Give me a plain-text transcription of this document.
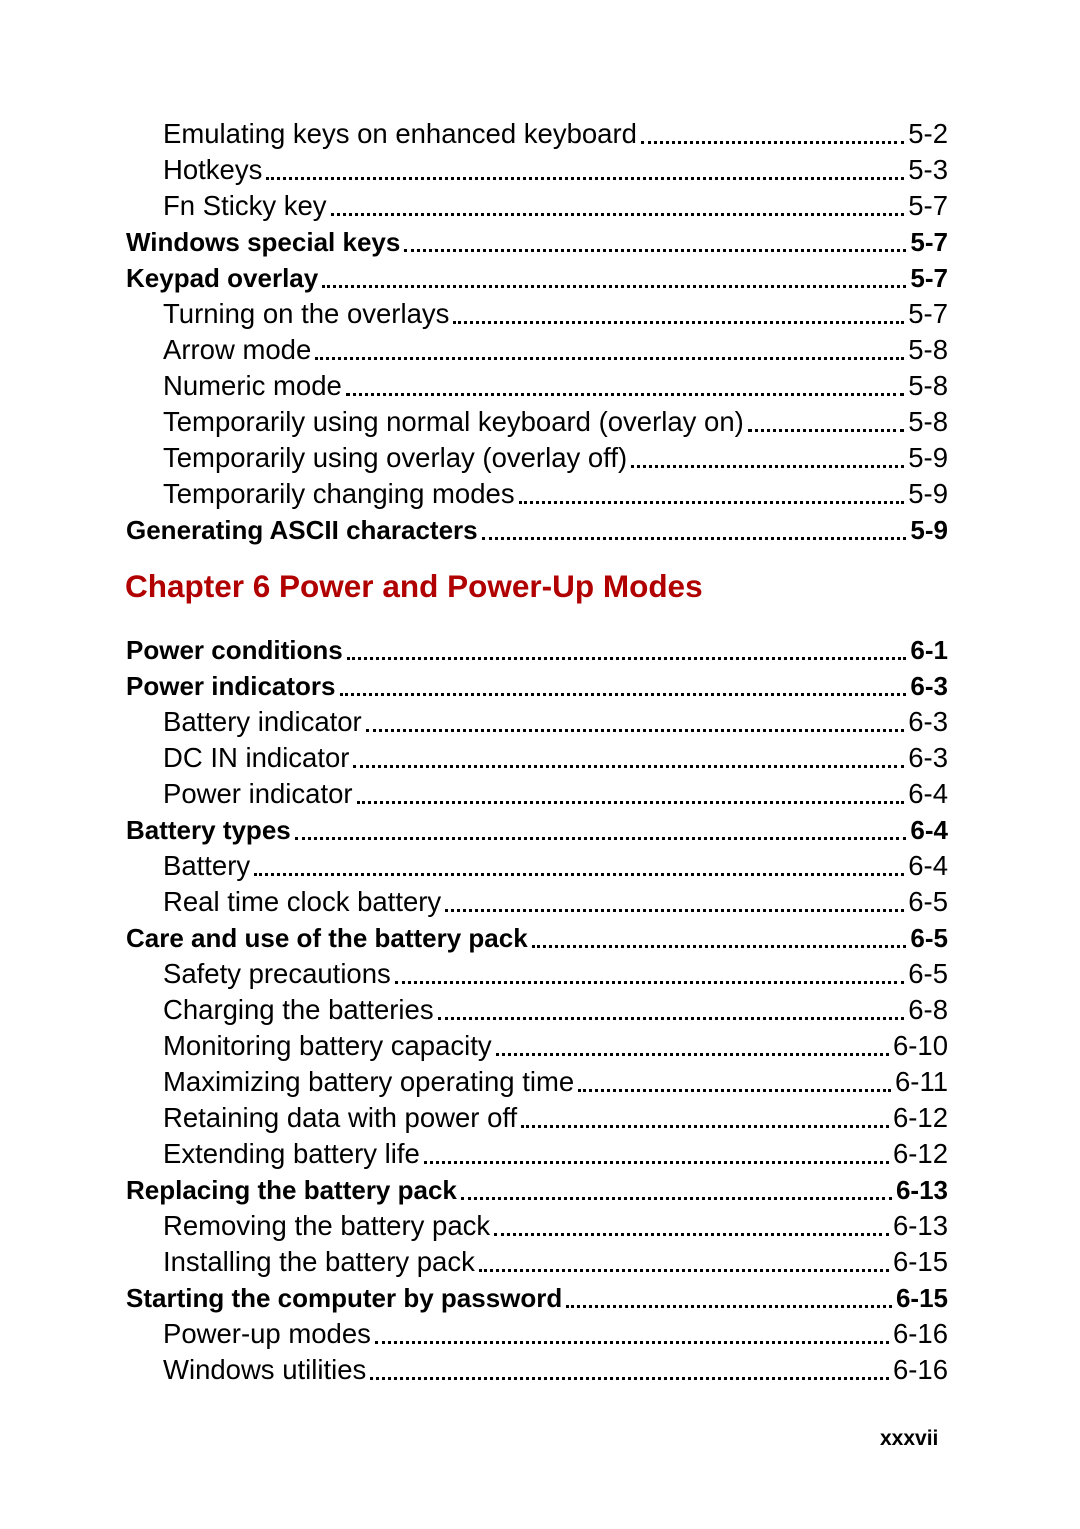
Emulating keys on enhanced keyboard	5-2
Hotkeys	5-3
Fn Sticky key	5-7
Windows special keys	5-7
Keypad overlay	5-7
Turning on the overlays	5-7
Arrow mode	5-8
Numeric mode	5-8
Temporarily using normal keyboard (overlay on)	5-8
Temporarily using overlay (overlay off)	5-9
Temporarily changing modes	5-9
Generating ASCII characters	5-9
Chapter 6 Power and Power-Up Modes
Power conditions	6-1
Power indicators	6-3
Battery indicator	6-3
DC IN indicator	6-3
Power indicator	6-4
Battery types	6-4
Battery	6-4
Real time clock battery	6-5
Care and use of the battery pack	6-5
Safety precautions	6-5
Charging the batteries	6-8
Monitoring battery capacity	6-10
Maximizing battery operating time	6-11
Retaining data with power off	6-12
Extending battery life	6-12
Replacing the battery pack	6-13
Removing the battery pack	6-13
Installing the battery pack	6-15
Starting the computer by password	6-15
Power-up modes	6-16
Windows utilities	6-16
xxxvii
